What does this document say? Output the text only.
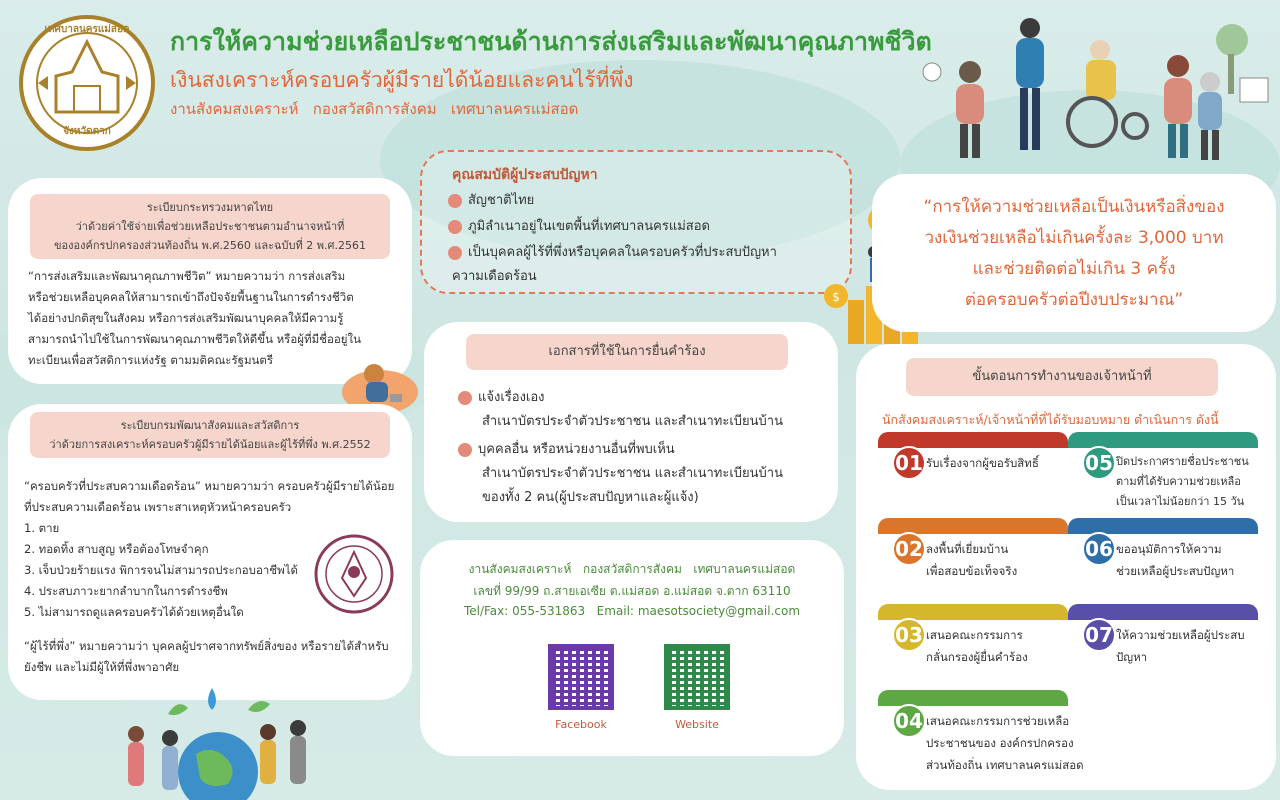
เทศบาลนครแม่สอด
จังหวัดตาก
การให้ความช่วยเหลือประชาชนด้านการส่งเสริมและพัฒนาคุณภาพชีวิต
เงินสงเคราะห์ครอบครัวผู้มีรายได้น้อยและคนไร้ที่พึ่ง
งานสังคมสงเคราะห์   กองสวัสดิการสังคม   เทศบาลนครแม่สอด
ระเบียบกระทรวงมหาดไทย
ว่าด้วยค่าใช้จ่ายเพื่อช่วยเหลือประชาชนตามอำนาจหน้าที่
ขององค์กรปกครองส่วนท้องถิ่น พ.ศ.2560 และฉบับที่ 2 พ.ศ.2561
“การส่งเสริมและพัฒนาคุณภาพชีวิต” หมายความว่า การส่งเสริม
หรือช่วยเหลือบุคคลให้สามารถเข้าถึงปัจจัยพื้นฐานในการดำรงชีวิต
ได้อย่างปกติสุขในสังคม หรือการส่งเสริมพัฒนาบุคคลให้มีความรู้
สามารถนำไปใช้ในการพัฒนาคุณภาพชีวิตให้ดีขึ้น หรือผู้ที่มีชื่ออยู่ใน
ทะเบียนเพื่อสวัสดิการแห่งรัฐ ตามมติคณะรัฐมนตรี
ระเบียบกรมพัฒนาสังคมและสวัสดิการ
ว่าด้วยการสงเคราะห์ครอบครัวผู้มีรายได้น้อยและผู้ไร้ที่พึ่ง พ.ศ.2552
“ครอบครัวที่ประสบความเดือดร้อน” หมายความว่า ครอบครัวผู้มีรายได้น้อย
ที่ประสบความเดือดร้อน เพราะสาเหตุหัวหน้าครอบครัว
1. ตาย
2. ทอดทิ้ง สาบสูญ หรือต้องโทษจำคุก
3. เจ็บป่วยร้ายแรง พิการจนไม่สามารถประกอบอาชีพได้
4. ประสบภาวะยากลำบากในการดำรงชีพ
5. ไม่สามารถดูแลครอบครัวได้ด้วยเหตุอื่นใด
“ผู้ไร้ที่พึ่ง” หมายความว่า บุคคลผู้ปราศจากทรัพย์สิ่งของ หรือรายได้สำหรับ
ยังชีพ และไม่มีผู้ให้ที่พึ่งพาอาศัย
คุณสมบัติผู้ประสบปัญหา
สัญชาติไทย
ภูมิลำเนาอยู่ในเขตพื้นที่เทศบาลนครแม่สอด
เป็นบุคคลผู้ไร้ที่พึ่งหรือบุคคลในครอบครัวที่ประสบปัญหา
ความเดือดร้อน
$
“การให้ความช่วยเหลือเป็นเงินหรือสิ่งของ
วงเงินช่วยเหลือไม่เกินครั้งละ 3,000 บาท
และช่วยติดต่อไม่เกิน 3 ครั้ง
ต่อครอบครัวต่อปีงบประมาณ”
เอกสารที่ใช้ในการยื่นคำร้อง
แจ้งเรื่องเอง
สำเนาบัตรประจำตัวประชาชน และสำเนาทะเบียนบ้าน
บุคคลอื่น หรือหน่วยงานอื่นที่พบเห็น
สำเนาบัตรประจำตัวประชาชน และสำเนาทะเบียนบ้าน
ของทั้ง 2 คน(ผู้ประสบปัญหาและผู้แจ้ง)
งานสังคมสงเคราะห์   กองสวัสดิการสังคม   เทศบาลนครแม่สอด
เลขที่ 99/99 ถ.สายเอเซีย ต.แม่สอด อ.แม่สอด จ.ตาก 63110
Tel/Fax: 055-531863 Email: maesotsociety@gmail.com
Facebook	Website
ขั้นตอนการทำงานของเจ้าหน้าที่
นักสังคมสงเคราะห์/เจ้าหน้าที่ที่ได้รับมอบหมาย ดำเนินการ ดังนี้
01 รับเรื่องจากผู้ขอรับสิทธิ์
02 ลงพื้นที่เยี่ยมบ้าน
เพื่อสอบข้อเท็จจริง
03 เสนอคณะกรรมการ
กลั่นกรองผู้ยื่นคำร้อง
04 เสนอคณะกรรมการช่วยเหลือ
ประชาชนของ องค์กรปกครอง
ส่วนท้องถิ่น เทศบาลนครแม่สอด
05 ปิดประกาศรายชื่อประชาชน
ตามที่ได้รับความช่วยเหลือ
เป็นเวลาไม่น้อยกว่า 15 วัน
06 ขออนุมัติการให้ความ
ช่วยเหลือผู้ประสบปัญหา
07 ให้ความช่วยเหลือผู้ประสบ
ปัญหา
